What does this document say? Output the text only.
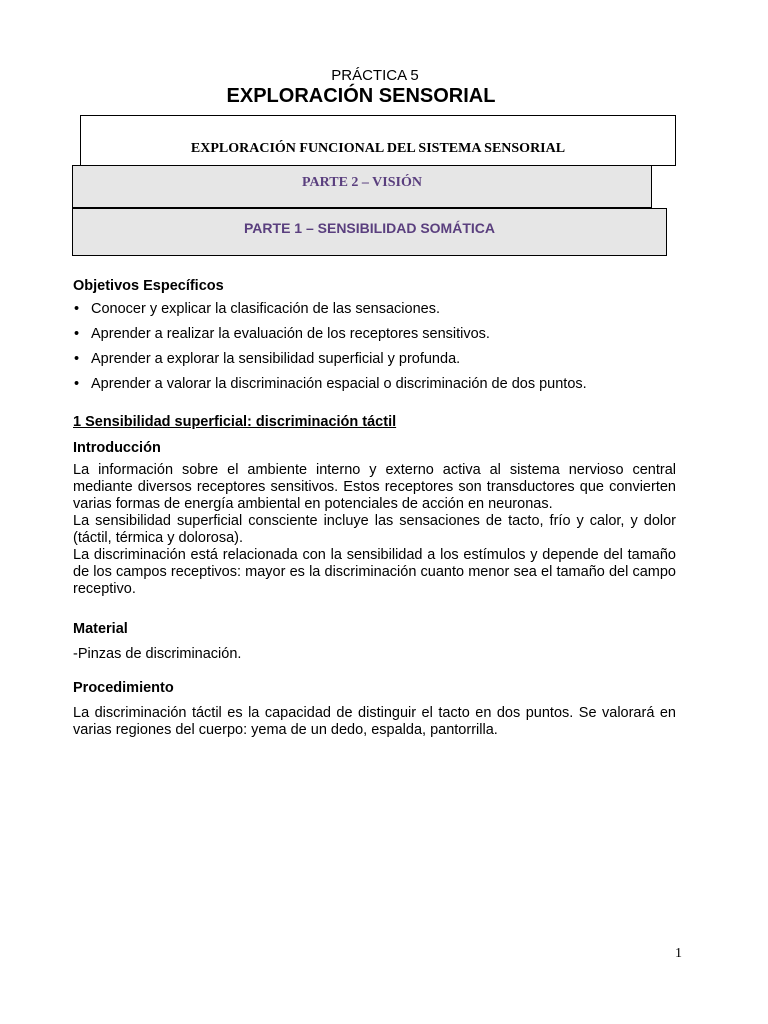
PRÁCTICA 5
EXPLORACIÓN SENSORIAL
EXPLORACIÓN FUNCIONAL DEL SISTEMA SENSORIAL
PARTE 2 – VISIÓN
PARTE 1 – SENSIBILIDAD SOMÁTICA
Objetivos Específicos
• Conocer y explicar la clasificación de las sensaciones.
• Aprender a realizar la evaluación de los receptores sensitivos.
• Aprender a explorar la sensibilidad superficial y profunda.
• Aprender a valorar la discriminación espacial o discriminación de dos puntos.
1 Sensibilidad superficial: discriminación táctil
Introducción

La información sobre el ambiente interno y externo activa al sistema nervioso central mediante diversos receptores sensitivos. Estos receptores son transductores que convierten varias formas de energía ambiental en potenciales de acción en neuronas.

La sensibilidad superficial consciente incluye las sensaciones de tacto, frío y calor, y dolor (táctil, térmica y dolorosa).

La discriminación está relacionada con la sensibilidad a los estímulos y depende del tamaño de los campos receptivos: mayor es la discriminación cuanto menor sea el tamaño del campo receptivo.

Material

-Pinzas de discriminación.

Procedimiento

La discriminación táctil es la capacidad de distinguir el tacto en dos puntos. Se valorará en varias regiones del cuerpo: yema de un dedo, espalda, pantorrilla.

1
